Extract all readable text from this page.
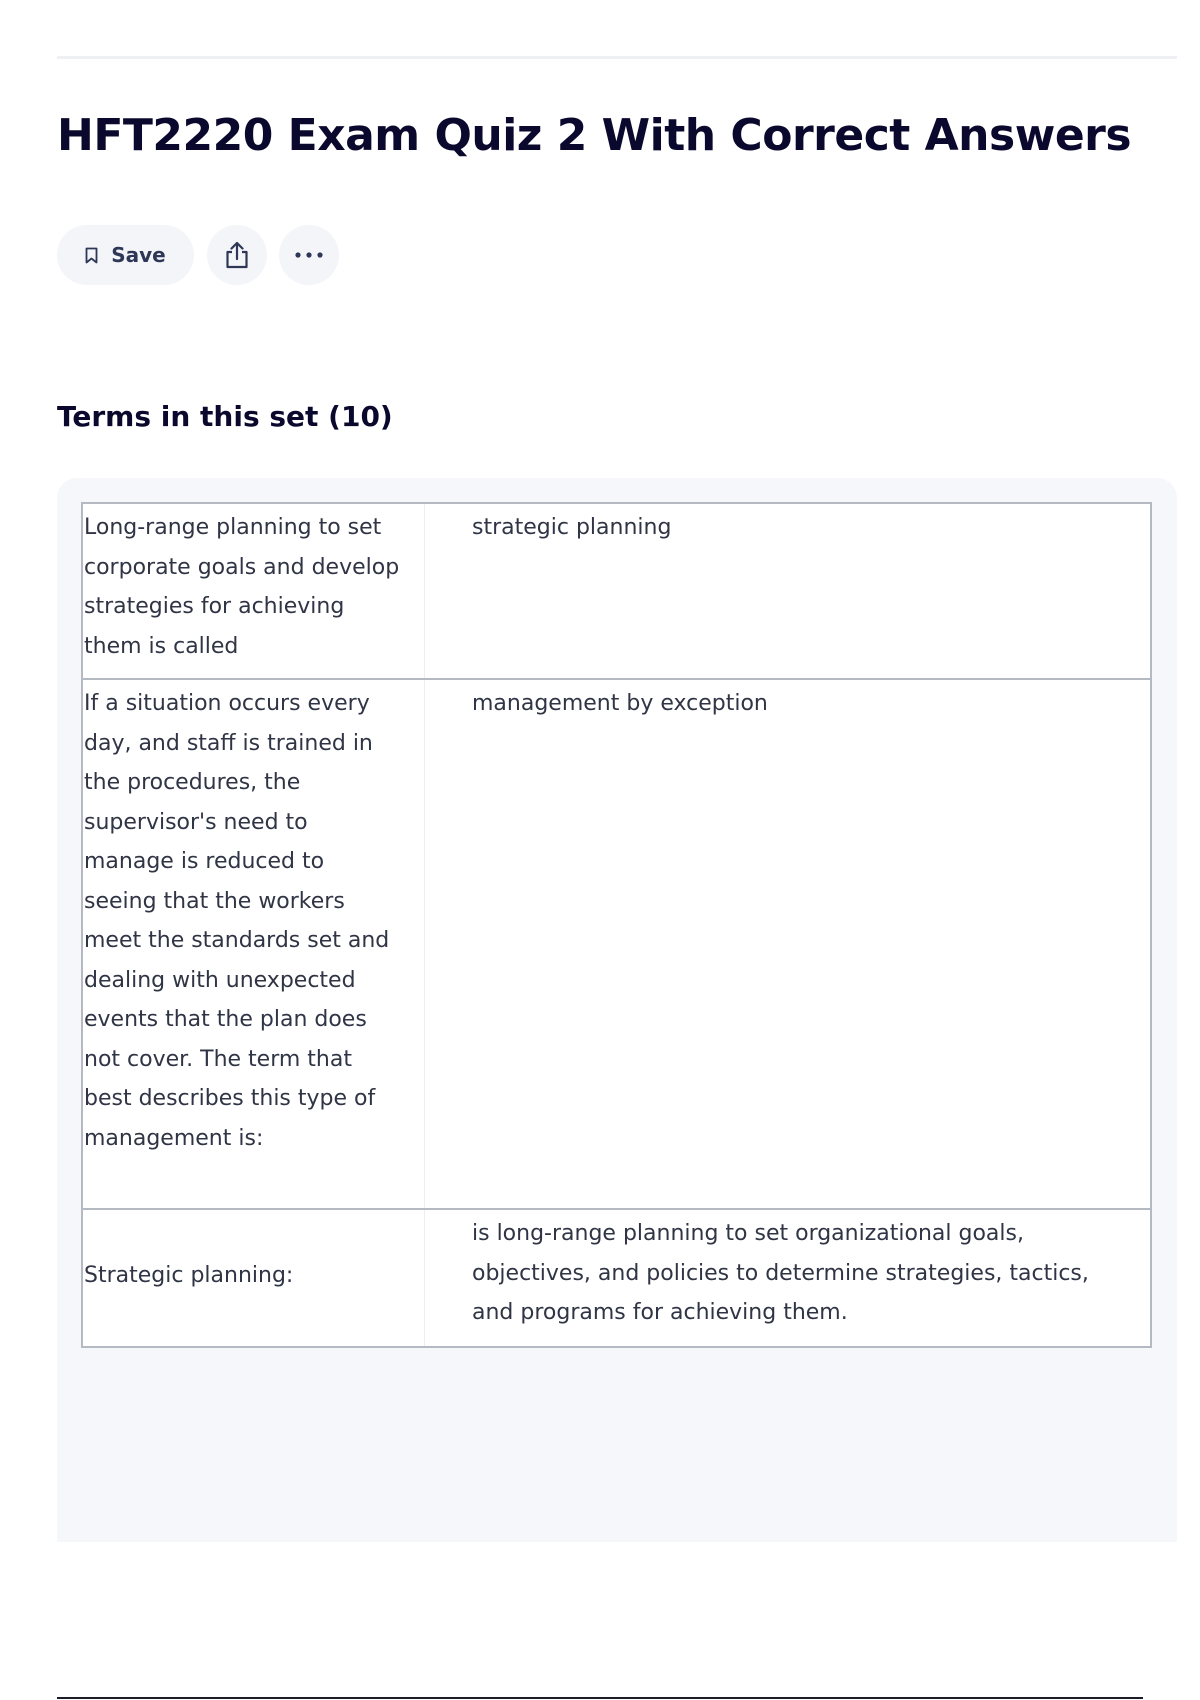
HFT2220 Exam Quiz 2 With Correct Answers
Save
Terms in this set (10)
Long-range planning to set corporate goals and develop strategies for achieving them is called	strategic planning
If a situation occurs every day, and staff is trained in the procedures, the supervisor's need to manage is reduced to seeing that the workers meet the standards set and dealing with unexpected events that the plan does not cover. The term that best describes this type of management is:	management by exception
Strategic planning:	is long-range planning to set organizational goals, objectives, and policies to determine strategies, tactics, and programs for achieving them.
